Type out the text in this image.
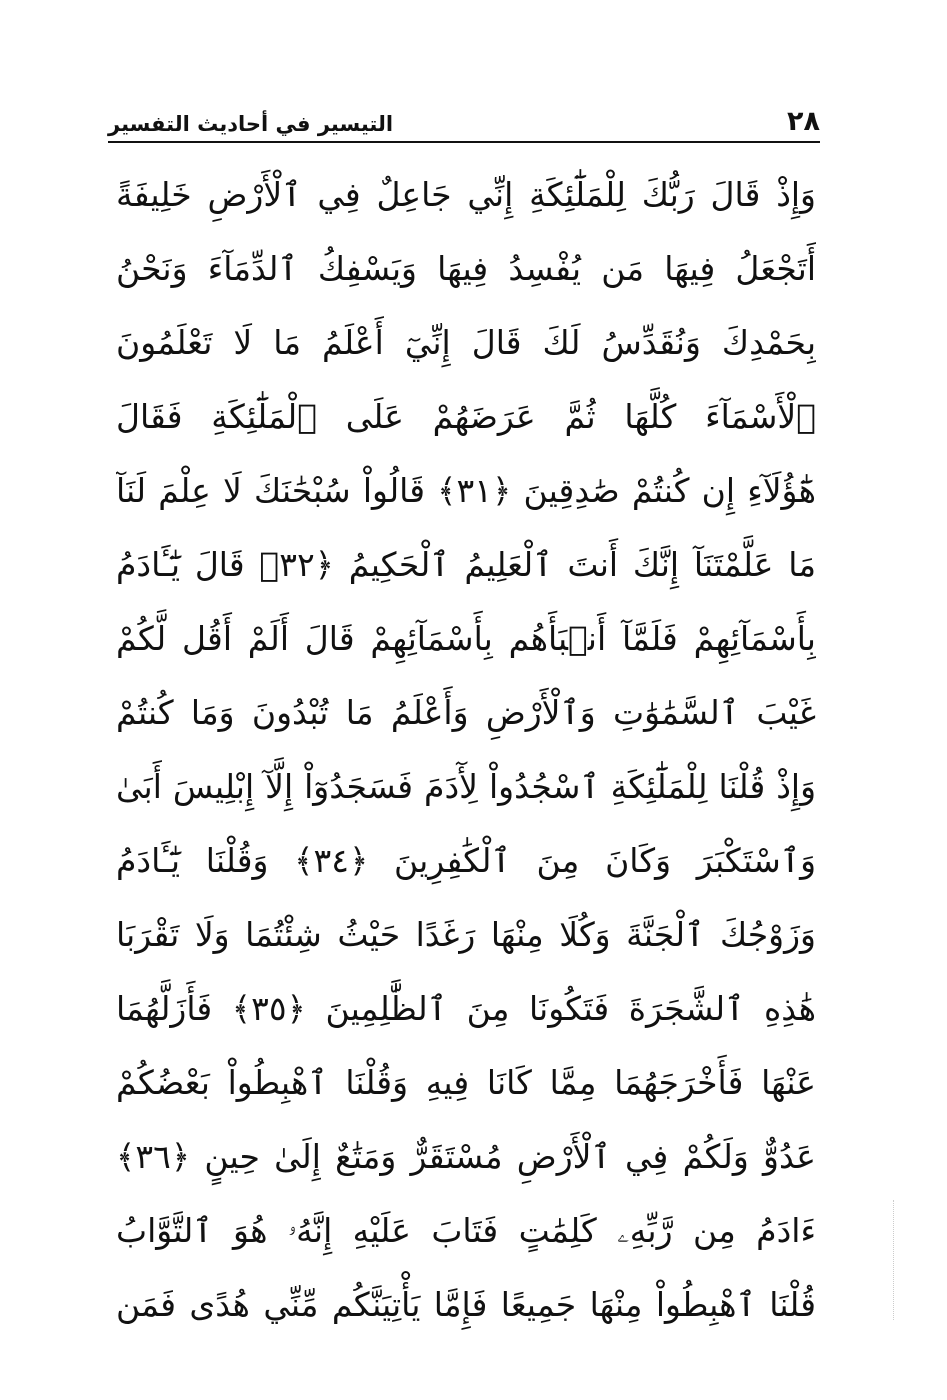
٢٨
التيسير في أحاديث التفسير
وَإِذْ قَالَ رَبُّكَ لِلْمَلَٰٓئِكَةِ إِنِّي جَاعِلٌ فِي ٱلْأَرْضِ خَلِيفَةً
أَتَجْعَلُ فِيهَا مَن يُفْسِدُ فِيهَا وَيَسْفِكُ ٱلدِّمَآءَ وَنَحْنُ
بِحَمْدِكَ وَنُقَدِّسُ لَكَ قَالَ إِنِّيٓ أَعْلَمُ مَا لَا تَعْلَمُونَ
ٱلْأَسْمَآءَ كُلَّهَا ثُمَّ عَرَضَهُمْ عَلَى ٱلْمَلَٰٓئِكَةِ فَقَالَ
هَٰٓؤُلَآءِ إِن كُنتُمْ صَٰدِقِينَ ﴿٣١﴾ قَالُواْ سُبْحَٰنَكَ لَا عِلْمَ لَنَآ
مَا عَلَّمْتَنَآ إِنَّكَ أَنتَ ٱلْعَلِيمُ ٱلْحَكِيمُ ﴿٣٢﴾ قَالَ يَٰٓـَٔادَمُ
بِأَسْمَآئِهِمْ فَلَمَّآ أَنۢبَأَهُم بِأَسْمَآئِهِمْ قَالَ أَلَمْ أَقُل لَّكُمْ
غَيْبَ ٱلسَّمَٰوَٰتِ وَٱلْأَرْضِ وَأَعْلَمُ مَا تُبْدُونَ وَمَا كُنتُمْ
وَإِذْ قُلْنَا لِلْمَلَٰٓئِكَةِ ٱسْجُدُواْ لِأٓدَمَ فَسَجَدُوٓاْ إِلَّآ إِبْلِيسَ أَبَىٰ
وَٱسْتَكْبَرَ وَكَانَ مِنَ ٱلْكَٰفِرِينَ ﴿٣٤﴾ وَقُلْنَا يَٰٓـَٔادَمُ
وَزَوْجُكَ ٱلْجَنَّةَ وَكُلَا مِنْهَا رَغَدًا حَيْثُ شِئْتُمَا وَلَا تَقْرَبَا
هَٰذِهِ ٱلشَّجَرَةَ فَتَكُونَا مِنَ ٱلظَّٰلِمِينَ ﴿٣٥﴾ فَأَزَلَّهُمَا
عَنْهَا فَأَخْرَجَهُمَا مِمَّا كَانَا فِيهِ وَقُلْنَا ٱهْبِطُواْ بَعْضُكُمْ
عَدُوٌّ وَلَكُمْ فِي ٱلْأَرْضِ مُسْتَقَرٌّ وَمَتَٰعٌ إِلَىٰ حِينٍ ﴿٣٦﴾
ءَادَمُ مِن رَّبِّهِۦ كَلِمَٰتٍ فَتَابَ عَلَيْهِ إِنَّهُۥ هُوَ ٱلتَّوَّابُ
قُلْنَا ٱهْبِطُواْ مِنْهَا جَمِيعًا فَإِمَّا يَأْتِيَنَّكُم مِّنِّي هُدًى فَمَن
